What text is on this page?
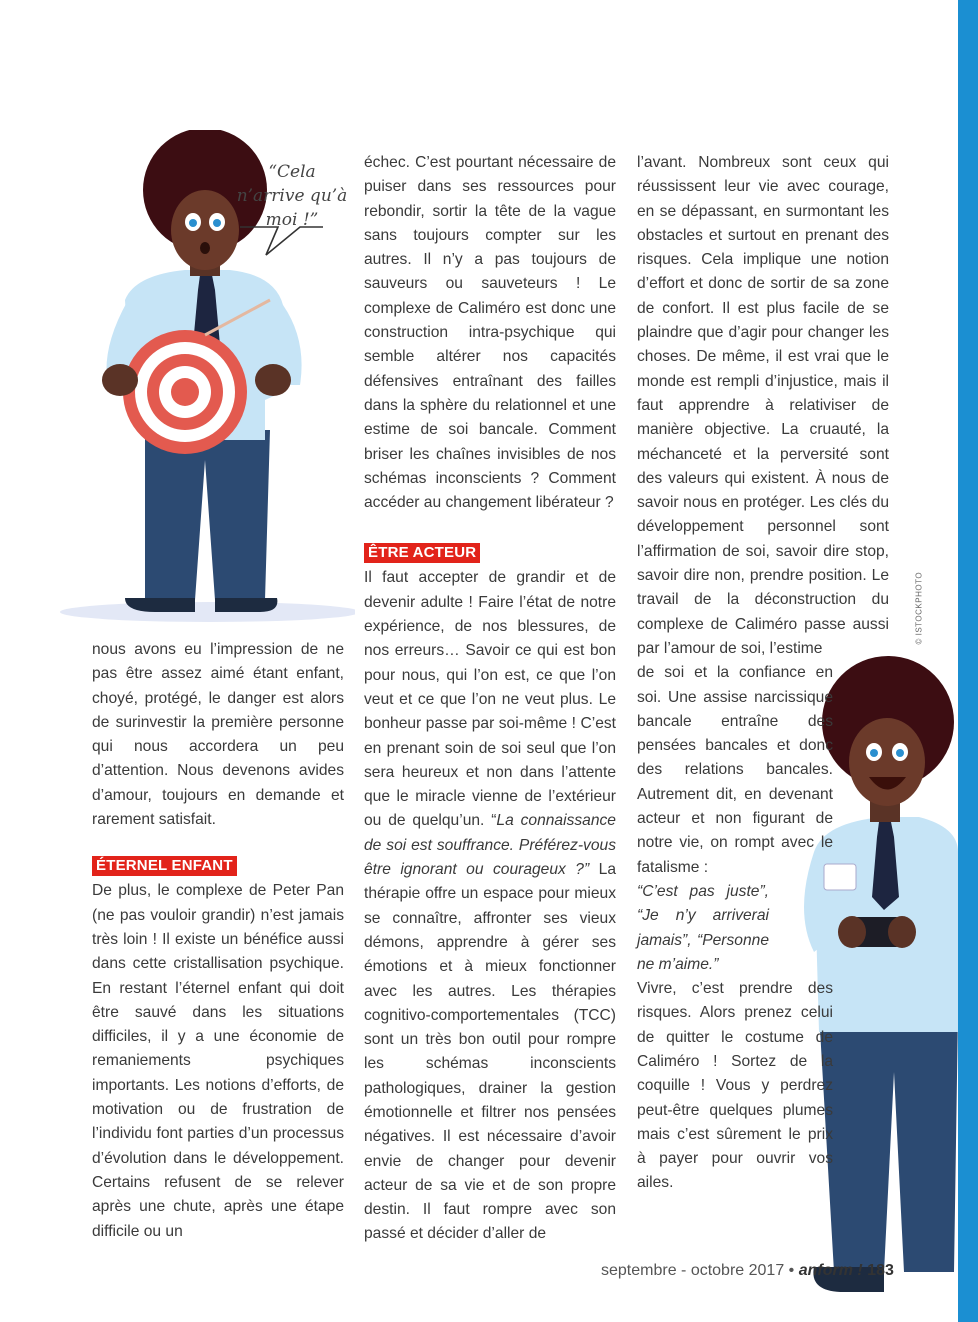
“Cela n’arrive qu’à moi !”

nous avons eu l’impression de ne pas être assez aimé étant enfant, choyé, protégé, le danger est alors de surinvestir la première personne qui nous accordera un peu d’attention. Nous devenons avides d’amour, toujours en demande et rarement satisfait.

ÉTERNEL ENFANT

De plus, le complexe de Peter Pan (ne pas vouloir grandir) n’est jamais très loin ! Il existe un bénéfice aussi dans cette cristallisation psychique. En restant l’éternel enfant qui doit être sauvé dans les situations difficiles, il y a une économie de remaniements psychiques importants. Les notions d’efforts, de motivation ou de frustration de l’individu font parties d’un processus d’évolution dans le développement. Certains refusent de se relever après une chute, après une étape difficile ou un

échec. C’est pourtant nécessaire de puiser dans ses ressources pour rebondir, sortir la tête de la vague sans toujours compter sur les autres. Il n’y a pas toujours de sauveurs ou sauveteurs ! Le complexe de Caliméro est donc une construction intra-psychique qui semble altérer nos capacités défensives entraînant des failles dans la sphère du relationnel et une estime de soi bancale. Comment briser les chaînes invisibles de nos schémas inconscients ? Comment accéder au changement libérateur ?

ÊTRE ACTEUR

Il faut accepter de grandir et de devenir adulte ! Faire l’état de notre expérience, de nos blessures, de nos erreurs… Savoir ce qui est bon pour nous, qui l’on est, ce que l’on veut et ce que l’on ne veut plus. Le bonheur passe par soi-même ! C’est en prenant soin de soi seul que l’on sera heureux et non dans l’attente que le miracle vienne de l’extérieur ou de quelqu’un. “La connaissance de soi est souffrance. Préférez-vous être ignorant ou courageux ?” La thérapie offre un espace pour mieux se connaître, affronter ses vieux démons, apprendre à gérer ses émotions et à mieux fonctionner avec les autres. Les thérapies cognitivo-comportementales (TCC) sont un très bon outil pour rompre les schémas inconscients pathologiques, drainer la gestion émotionnelle et filtrer nos pensées négatives. Il est nécessaire d’avoir envie de changer pour devenir acteur de sa vie et de son propre destin. Il faut rompre avec son passé et décider d’aller de

l’avant. Nombreux sont ceux qui réussissent leur vie avec courage, en se dépassant, en surmontant les obstacles et surtout en prenant des risques. Cela implique une notion d’effort et donc de sortir de sa zone de confort. Il est plus facile de se plaindre que d’agir pour changer les choses. De même, il est vrai que le monde est rempli d’injustice, mais il faut apprendre à relativiser de manière objective. La cruauté, la méchanceté et la perversité sont des valeurs qui existent. À nous de savoir nous en protéger. Les clés du développement personnel sont l’affirmation de soi, savoir dire stop, savoir dire non, prendre position. Le travail de la déconstruction du complexe de Caliméro passe aussi par l’amour de soi, l’estime

de soi et la confiance en soi. Une assise narcissique bancale entraîne des pensées bancales et donc des relations bancales. Autrement dit, en devenant acteur et non figurant de notre vie, on rompt avec le fatalisme :

“C’est pas juste”, “Je n’y arriverai jamais”, “Personne ne m’aime.”

Vivre, c’est prendre des risques. Alors prenez celui de quitter le costume de Caliméro ! Sortez de la coquille ! Vous y perdrez peut-être quelques plumes mais c’est sûrement le prix à payer pour ouvrir vos ailes.

© ISTOCKPHOTO
septembre - octobre 2017 • anform ! 183
